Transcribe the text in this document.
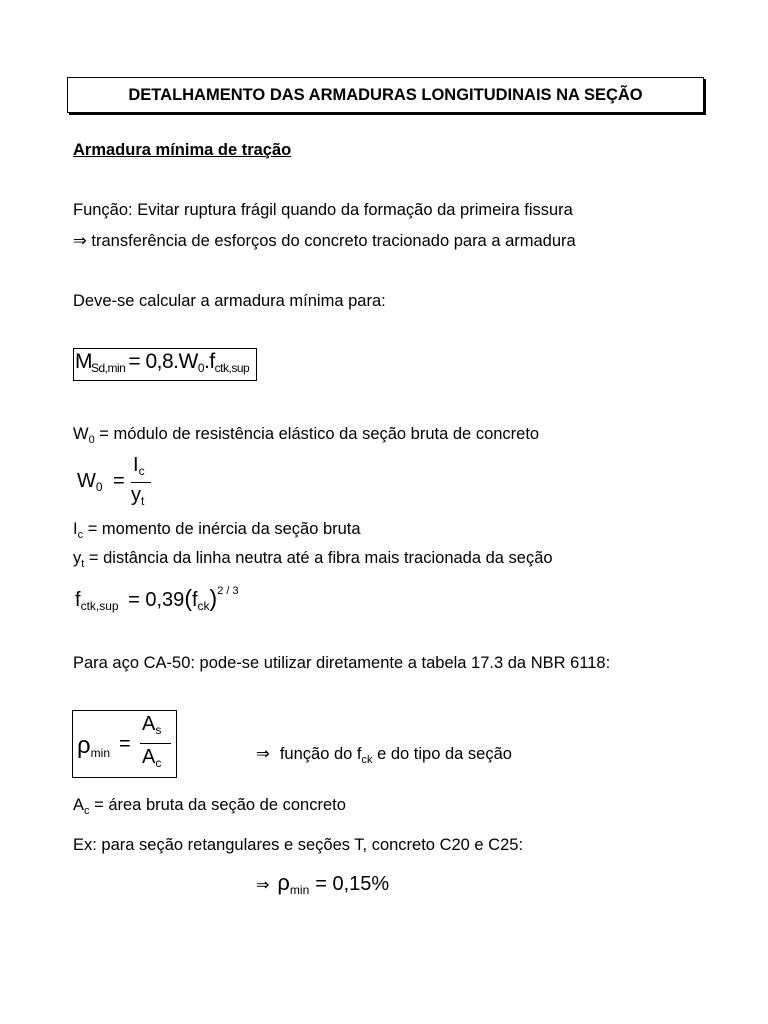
DETALHAMENTO DAS ARMADURAS LONGITUDINAIS NA SEÇÃO
Armadura mínima de tração
Função: Evitar ruptura frágil quando da formação da primeira fissura
⇒ transferência de esforços do concreto tracionado para a armadura
Deve-se calcular a armadura mínima para:
$M_{Sd,min} = 0,8.W_0.f_{ctk,sup}$
$W_0$ = módulo de resistência elástico da seção bruta de concreto
$W_0$ =
$I_c$
$y_t$
$I_c$ = momento de inércia da seção bruta
$y_t$ = distância da linha neutra até a fibra mais tracionada da seção
$f_{ctk,sup} = 0,39(f_{ck})^{2 / 3}$
Para aço CA-50: pode-se utilizar diretamente a tabela 17.3 da NBR 6118:
$\rho_{min}$ =
$A_s$
$A_c$	⇒ função do $f_{ck}$ e do tipo da seção
$A_c$ = área bruta da seção de concreto
Ex: para seção retangulares e seções T, concreto C20 e C25:
⇒ $\rho_{min} = 0,15\%$
